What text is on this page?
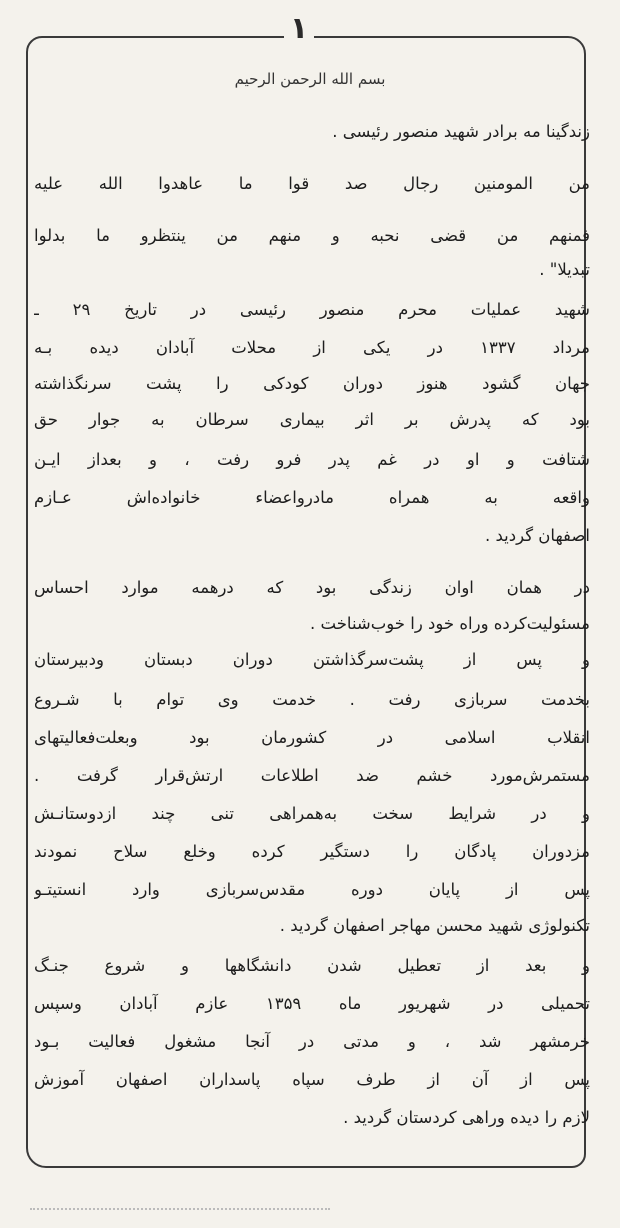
١
بسم الله الرحمن الرحیم
زندگینا مه برادر شهید منصور رئیسی .
من المومنین رجال صد قوا ما عاهدوا الله علیه
فمنهم من قضی نحبه و منهم من ینتظرو ما بدلوا
تبدیلا" .
شهید عملیات محرم منصور رئیسی در تاریخ ۲۹ ـ
مرداد ۱۳۳۷ در یکی از محلات آبادان دیده بـه
جهان گشود هنوز دوران کودکی را پشت سرنگذاشته
بود که پدرش بر اثر بیماری سرطان به جوار حق
شتافت و او در غم پدر فرو رفت ، و بعداز ایـن
واقعه به همراه مادرواعضاء خانواده‌اش عـازم
اصفهان گردید .
در همان اوان زندگی بود که درهمه موارد احساس
مسئولیت‌کرده وراه خود را خوب‌شناخت .
و پس از پشت‌سرگذاشتن دوران دبستان ودبیرستان
بخدمت سربازی رفت . خدمت وی توام با شـروع
انقلاب اسلامی در کشورمان بود وبعلت‌فعالیتهای
مستمرش‌مورد خشم ضد اطلاعات ارتش‌قرار گرفت .
و در شرایط سخت به‌همراهی تنی چند ازدوستانـش
مزدوران پادگان را دستگیر کرده وخلع سلاح نمودند
پس از پایان دوره مقدس‌سربازی وارد انستیتـو
تکنولوژی شهید محسن مهاجر اصفهان گردید .
و بعد از تعطیل شدن دانشگاهها و شروع جنـگ
تحمیلی در شهریور ماه ۱۳۵۹ عازم آبادان وسپس
خرمشهر شد ، و مدتی در آنجا مشغول فعالیت بـود
پس از آن از طرف سپاه پاسداران اصفهان آموزش
لازم را دیده وراهی کردستان گردید .
